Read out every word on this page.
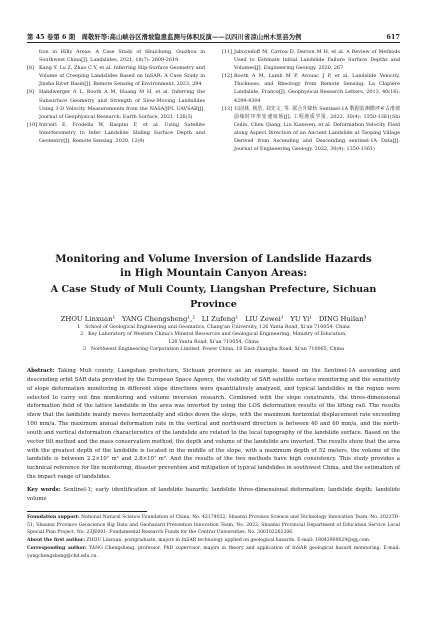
第 45 卷第 6 期　周敬轩等:高山峡谷区滑坡隐患监测与体积反演——以四川省凉山州木里县为例	617
tion in Hilly Areas: A Case Study of Shuicheng, Guizhou in Southwest China[J]. Landslides, 2021, 18(7): 2609-2619
[8]	Kang Y, Lu Z, Zhao C Y, et al. Inferring Slip-Surface Geometry and Volume of Creeping Landslides Based on InSAR: A Case Study in Jinsha River Basin[J]. Remote Sensing of Environment, 2023, 294
[9]	Handwerger A L, Booth A M, Huang M H, et al. Inferring the Subsurface Geometry and Strength of Slow-Moving Landslides Using 3-D Velocity Measurements from the NASA/JPL UAVSAR[J]. Journal of Geophysical Research: Earth Surface, 2021, 126(3)
[10] Intrieri E, Frodella W, Raspini F, et al. Using Satellite Interferometry to Infer Landslide Sliding Surface Depth and Geometry[J]. Remote Sensing, 2020, 12(9)
[11] Jaboyedoff M, Carrea D, Derron M H, et al. A Review of Methods Used to Estimate Initial Landslide Failure Surface Depths and Volumes[J]. Engineering Geology, 2020, 267
[12] Booth A M, Lamb M P, Avouac J P, et al. Landslide Velocity, Thickness, and Rheology from Remote Sensing: La Clapière Landslide, France[J]. Geophysical Research Letters, 2013, 40(16): 4299-4304
[13] 石固林, 杨浩, 刘先文, 等. 联合升降轨 Sentinel-1A 数据监测横坪乡古滑坡前缘时序形变速度场[J]. 工程地质学报, 2022, 30(4): 1350-1361(Shi Gulin, Chen Qiang, Liu Xianwen, et al. Deformation Velocity Field along Aspect Direction of an Ancient Landslide at Taoping Village Derived from Ascending and Descending sentinel-1A Data[J]. Journal of Engineering Geology, 2022, 30(4): 1350-1361)
Monitoring and Volume Inversion of Landslide Hazards
in High Mountain Canyon Areas:
A Case Study of Muli County, Liangshan Prefecture, Sichuan Province
ZHOU Linxuan¹　YANG Chengsheng¹,²　LI Zufeng¹　LIU Zewei¹　YU Yi¹　DING Huilan³
1　School of Geological Engineering and Geomatics, Chang'an University, 126 Yanta Road, Xi'an 710054, China
2　Key Laboratory of Western China's Mineral Resources and Geological Engineering, Ministry of Education,
126 Yanta Road, Xi'an 710054, China
3　Northwest Engineering Corporation Limited, Power China, 18 East-Zhangba Road, Xi'an 710065, China
Abstract: Taking Muli county, Liangshan prefecture, Sichuan province as an example, based on the Sentinel-1A ascending and descending orbit SAR data provided by the European Space Agency, the visibility of SAR satellite surface monitoring and the sensitivity of slope deformation monitoring in different slope directions were quantitatively analyzed, and typical landslides in the region were selected to carry out fine monitoring and volume inversion research. Combined with the slope constraints, the three-dimensional deformation field of the lattice landslide in the area was inverted by using the LOS deformation results of the lifting rail. The results show that the landslide mainly moves horizontally and slides down the slope, with the maximum horizontal displacement rate exceeding 100 mm/a. The maximum annual deformation rate in the vertical and northward direction is between 40 and 60 mm/a, and the north-south and vertical deformation characteristics of the landslide are related to the local topography of the landslide surface. Based on the vector tilt method and the mass conservation method, the depth and volume of the landslide are inverted. The results show that the area with the greatest depth of the landslide is located in the middle of the slope, with a maximum depth of 52 meters, the volume of the landslide is between 2.2×10⁷ m³ and 2.8×10⁷ m³. And the results of the two methods have high consistency. This study provides a technical reference for the monitoring, disaster prevention and mitigation of typical landslides in southwest China, and the estimation of the impact range of landslides.
Key words: Sentinel-1; early identification of landslide hazards; landslide three-dimensional deformation; landslide depth; landslide volume

Foundation support: National Natural Science Foundation of China, No. 42174032; Shaanxi Province Science and Technology Innovation Team, No. 2021TD-51; Shaanxi Province Geoscience Big Data and Geohazard Prevention Innovation Team, No. 2022; Shaanxi Provincial Department of Education Service Local Special Plan Project, No. 23JE001; Fundamental Research Funds for the Central Universities, No. 300102262206.

About the first author: ZHOU Linxuan, postgraduate, majors in InSAR technology applied on geological hazards. E-mail: 18043909029@qq.com.

Corresponding author: YANG Chengsheng, professor, PhD supervisor, majors in theory and application of InSAR geological hazard monitoring. E-mail: yangchengsheng@chd.edu.cn.
